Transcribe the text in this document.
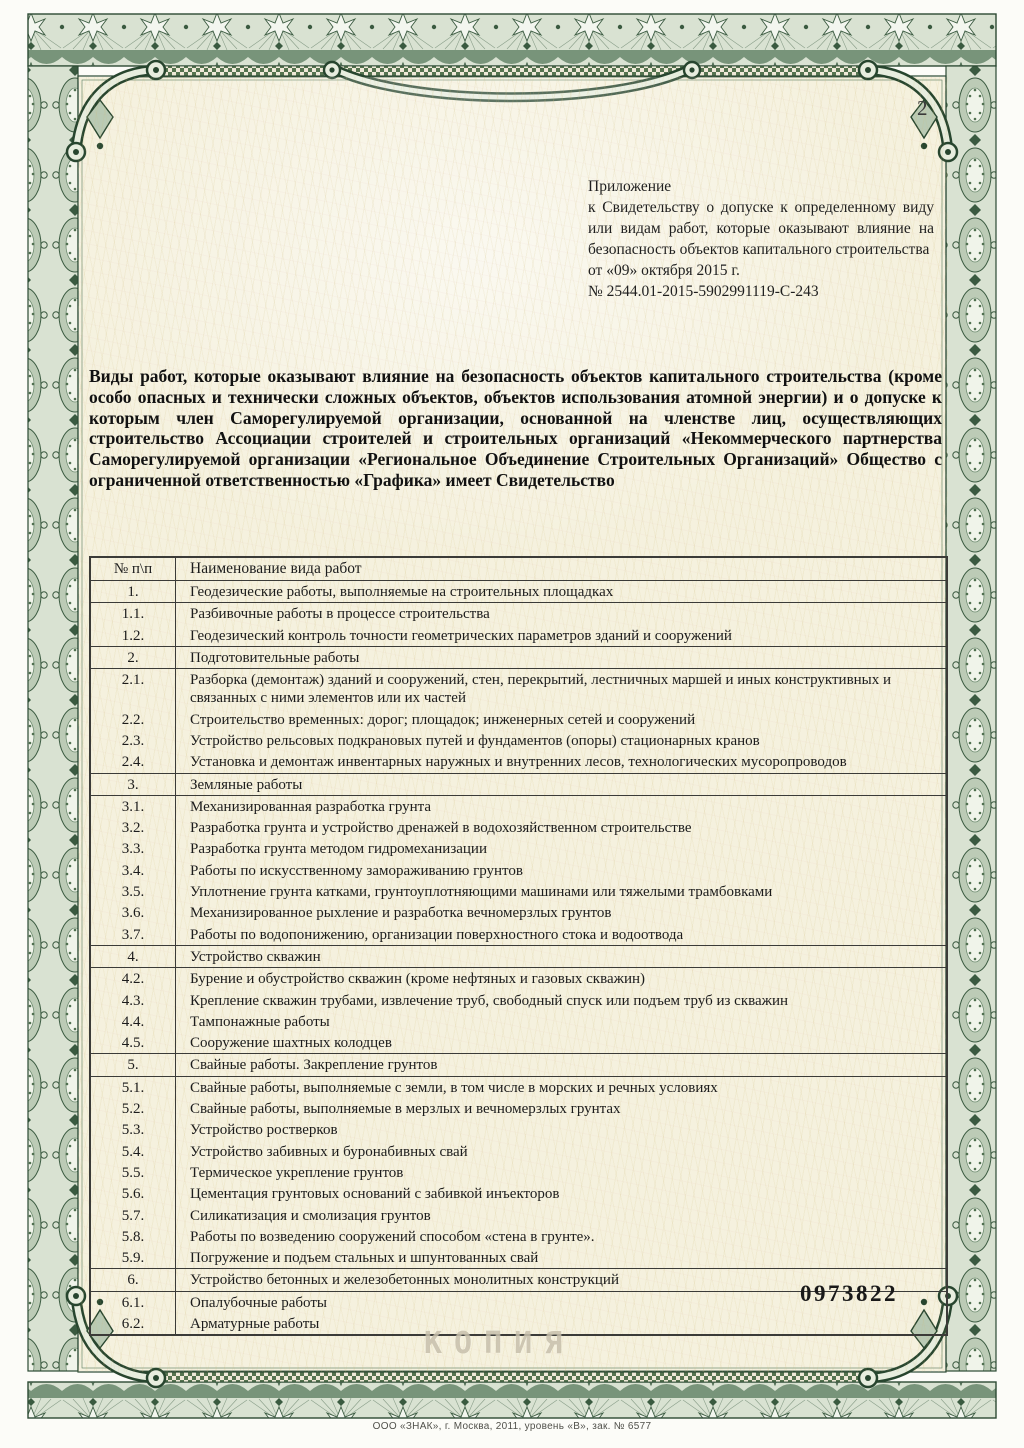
2
Приложение
к Свидетельству о допуске к определенному виду или видам работ, которые оказывают влияние на безопасность объектов капитального строительства
от «09» октября 2015 г.
№ 2544.01-2015-5902991119-С-243
Виды работ, которые оказывают влияние на безопасность объектов капитального строительства (кроме особо опасных и технически сложных объектов, объектов использования атомной энергии) и о допуске к которым член Саморегулируемой организации, основанной на членстве лиц, осуществляющих строительство Ассоциации строителей и строительных организаций «Некоммерческого партнерства Саморегулируемой организации «Региональное Объединение Строительных Организаций» Общество с ограниченной ответственностью «Графика» имеет Свидетельство
№ п\п	Наименование вида работ
1.	Геодезические работы, выполняемые на строительных площадках
1.1.	Разбивочные работы в процессе строительства
1.2.	Геодезический контроль точности геометрических параметров зданий и сооружений
2.	Подготовительные работы
2.1.	Разборка (демонтаж) зданий и сооружений, стен, перекрытий, лестничных маршей и иных конструктивных и связанных с ними элементов или их частей
2.2.	Строительство временных: дорог; площадок; инженерных сетей и сооружений
2.3.	Устройство рельсовых подкрановых путей и фундаментов (опоры) стационарных кранов
2.4.	Установка и демонтаж инвентарных наружных и внутренних лесов, технологических мусоропроводов
3.	Земляные работы
3.1.	Механизированная разработка грунта
3.2.	Разработка грунта и устройство дренажей в водохозяйственном строительстве
3.3.	Разработка грунта методом гидромеханизации
3.4.	Работы по искусственному замораживанию грунтов
3.5.	Уплотнение грунта катками, грунтоуплотняющими машинами или тяжелыми трамбовками
3.6.	Механизированное рыхление и разработка вечномерзлых грунтов
3.7.	Работы по водопонижению, организации поверхностного стока и водоотвода
4.	Устройство скважин
4.2.	Бурение и обустройство скважин (кроме нефтяных и газовых скважин)
4.3.	Крепление скважин трубами, извлечение труб, свободный спуск или подъем труб из скважин
4.4.	Тампонажные работы
4.5.	Сооружение шахтных колодцев
5.	Свайные работы. Закрепление грунтов
5.1.	Свайные работы, выполняемые с земли, в том числе в морских и речных условиях
5.2.	Свайные работы, выполняемые в мерзлых и вечномерзлых грунтах
5.3.	Устройство ростверков
5.4.	Устройство забивных и буронабивных свай
5.5.	Термическое укрепление грунтов
5.6.	Цементация грунтовых оснований с забивкой инъекторов
5.7.	Силикатизация и смолизация грунтов
5.8.	Работы по возведению сооружений способом «стена в грунте».
5.9.	Погружение и подъем стальных и шпунтованных свай
6.	Устройство бетонных и железобетонных монолитных конструкций
6.1.	Опалубочные работы
6.2.	Арматурные работы
0973822
КОПИЯ
ООО «ЗНАК», г. Москва, 2011, уровень «В», зак. № 6577
